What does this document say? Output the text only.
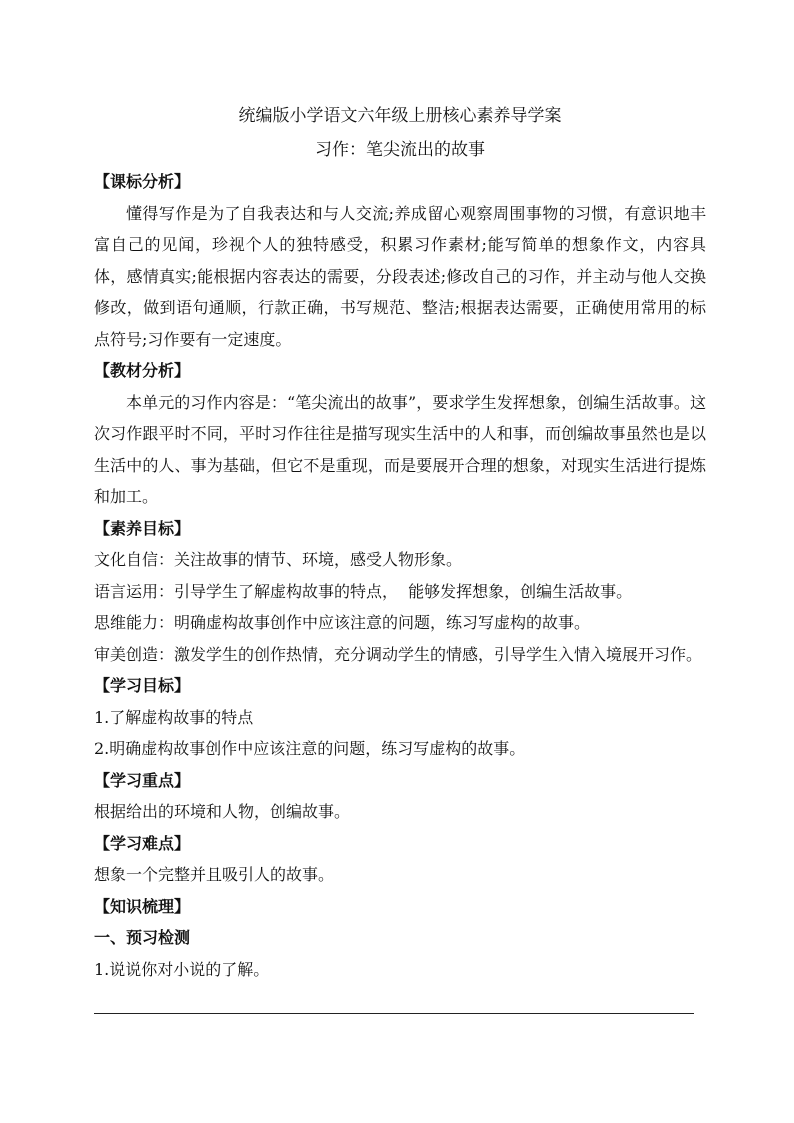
统编版小学语文六年级上册核心素养导学案

习作：笔尖流出的故事

【课标分析】

懂得写作是为了自我表达和与人交流;养成留心观察周围事物的习惯，有意识地丰富自己的见闻，珍视个人的独特感受，积累习作素材;能写简单的想象作文，内容具体，感情真实;能根据内容表达的需要，分段表述;修改自己的习作，并主动与他人交换修改，做到语句通顺，行款正确，书写规范、整洁;根据表达需要，正确使用常用的标点符号;习作要有一定速度。

【教材分析】

本单元的习作内容是：“笔尖流出的故事”，要求学生发挥想象，创编生活故事。这次习作跟平时不同，平时习作往往是描写现实生活中的人和事，而创编故事虽然也是以生活中的人、事为基础，但它不是重现，而是要展开合理的想象，对现实生活进行提炼和加工。

【素养目标】

文化自信：关注故事的情节、环境，感受人物形象。

语言运用：引导学生了解虚构故事的特点，  能够发挥想象，创编生活故事。

思维能力：明确虚构故事创作中应该注意的问题，练习写虚构的故事。

审美创造：激发学生的创作热情，充分调动学生的情感，引导学生入情入境展开习作。

【学习目标】

1.了解虚构故事的特点

2.明确虚构故事创作中应该注意的问题，练习写虚构的故事。

【学习重点】

根据给出的环境和人物，创编故事。

【学习难点】

想象一个完整并且吸引人的故事。

【知识梳理】

一、预习检测

1.说说你对小说的了解。
